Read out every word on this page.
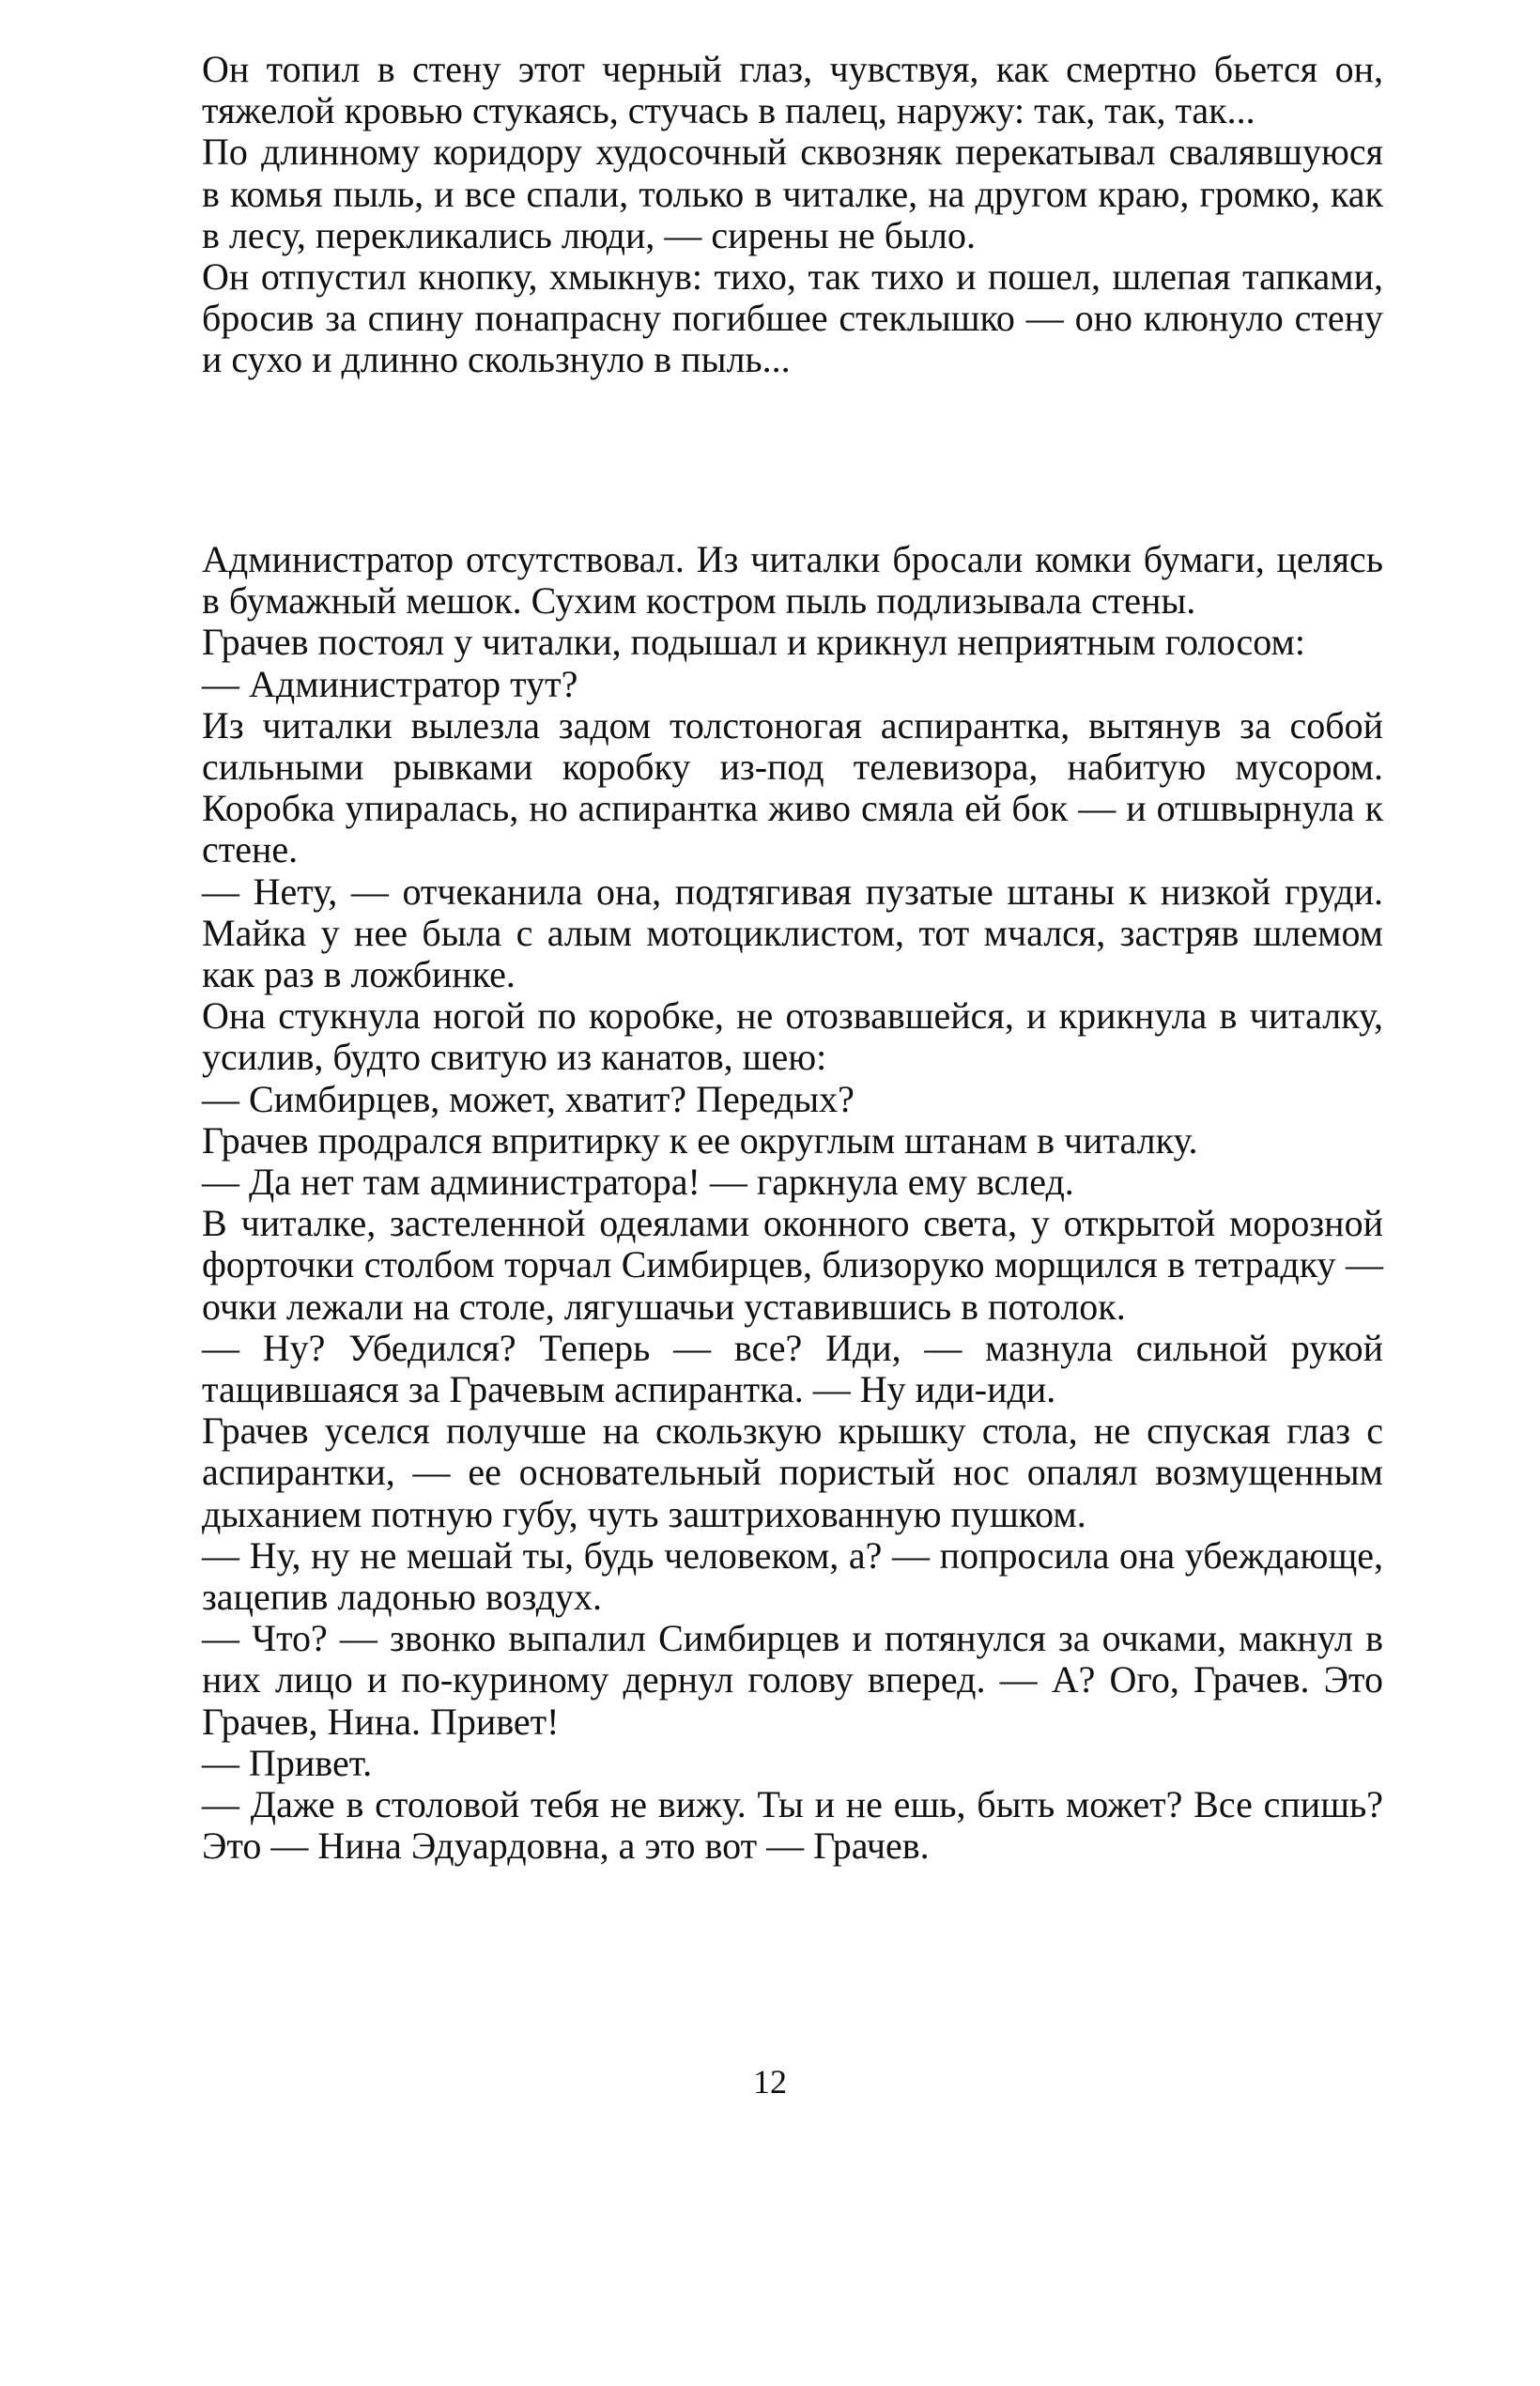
Он топил в стену этот черный глаз, чувствуя, как смертно бьется он, тяжелой кровью стукаясь, стучась в палец, наружу: так, так, так...

По длинному коридору худосочный сквозняк перекатывал свалявшуюся в комья пыль, и все спали, только в читалке, на другом краю, громко, как в лесу, перекликались люди, — сирены не было.

Он отпустил кнопку, хмыкнув: тихо, так тихо и пошел, шлепая тапками, бросив за спину понапрасну погибшее стеклышко — оно клюнуло стену и сухо и длинно скользнуло в пыль...

Администратор отсутствовал. Из читалки бросали комки бумаги, целясь в бумажный мешок. Сухим костром пыль подлизывала стены.

Грачев постоял у читалки, подышал и крикнул неприятным голосом:

— Администратор тут?

Из читалки вылезла задом толстоногая аспирантка, вытянув за собой сильными рывками коробку из-под телевизора, набитую мусором. Коробка упиралась, но аспирантка живо смяла ей бок — и отшвырнула к стене.

— Нету, — отчеканила она, подтягивая пузатые штаны к низкой груди. Майка у нее была с алым мотоциклистом, тот мчался, застряв шлемом как раз в ложбинке.

Она стукнула ногой по коробке, не отозвавшейся, и крикнула в читалку, усилив, будто свитую из канатов, шею:

— Симбирцев, может, хватит? Передых?

Грачев продрался впритирку к ее округлым штанам в читалку.

— Да нет там администратора! — гаркнула ему вслед.

В читалке, застеленной одеялами оконного света, у открытой морозной форточки столбом торчал Симбирцев, близоруко морщился в тетрадку — очки лежали на столе, лягушачьи уставившись в потолок.

— Ну? Убедился? Теперь — все? Иди, — мазнула сильной рукой тащившаяся за Грачевым аспирантка. — Ну иди-иди.

Грачев уселся получше на скользкую крышку стола, не спуская глаз с аспирантки, — ее основательный пористый нос опалял возмущенным дыханием потную губу, чуть заштрихованную пушком.

— Ну, ну не мешай ты, будь человеком, а? — попросила она убеждающе, зацепив ладонью воздух.

— Что? — звонко выпалил Симбирцев и потянулся за очками, макнул в них лицо и по-куриному дернул голову вперед. — А? Ого, Грачев. Это Грачев, Нина. Привет!

— Привет.

— Даже в столовой тебя не вижу. Ты и не ешь, быть может? Все спишь? Это — Нина Эдуардовна, а это вот — Грачев.

12
